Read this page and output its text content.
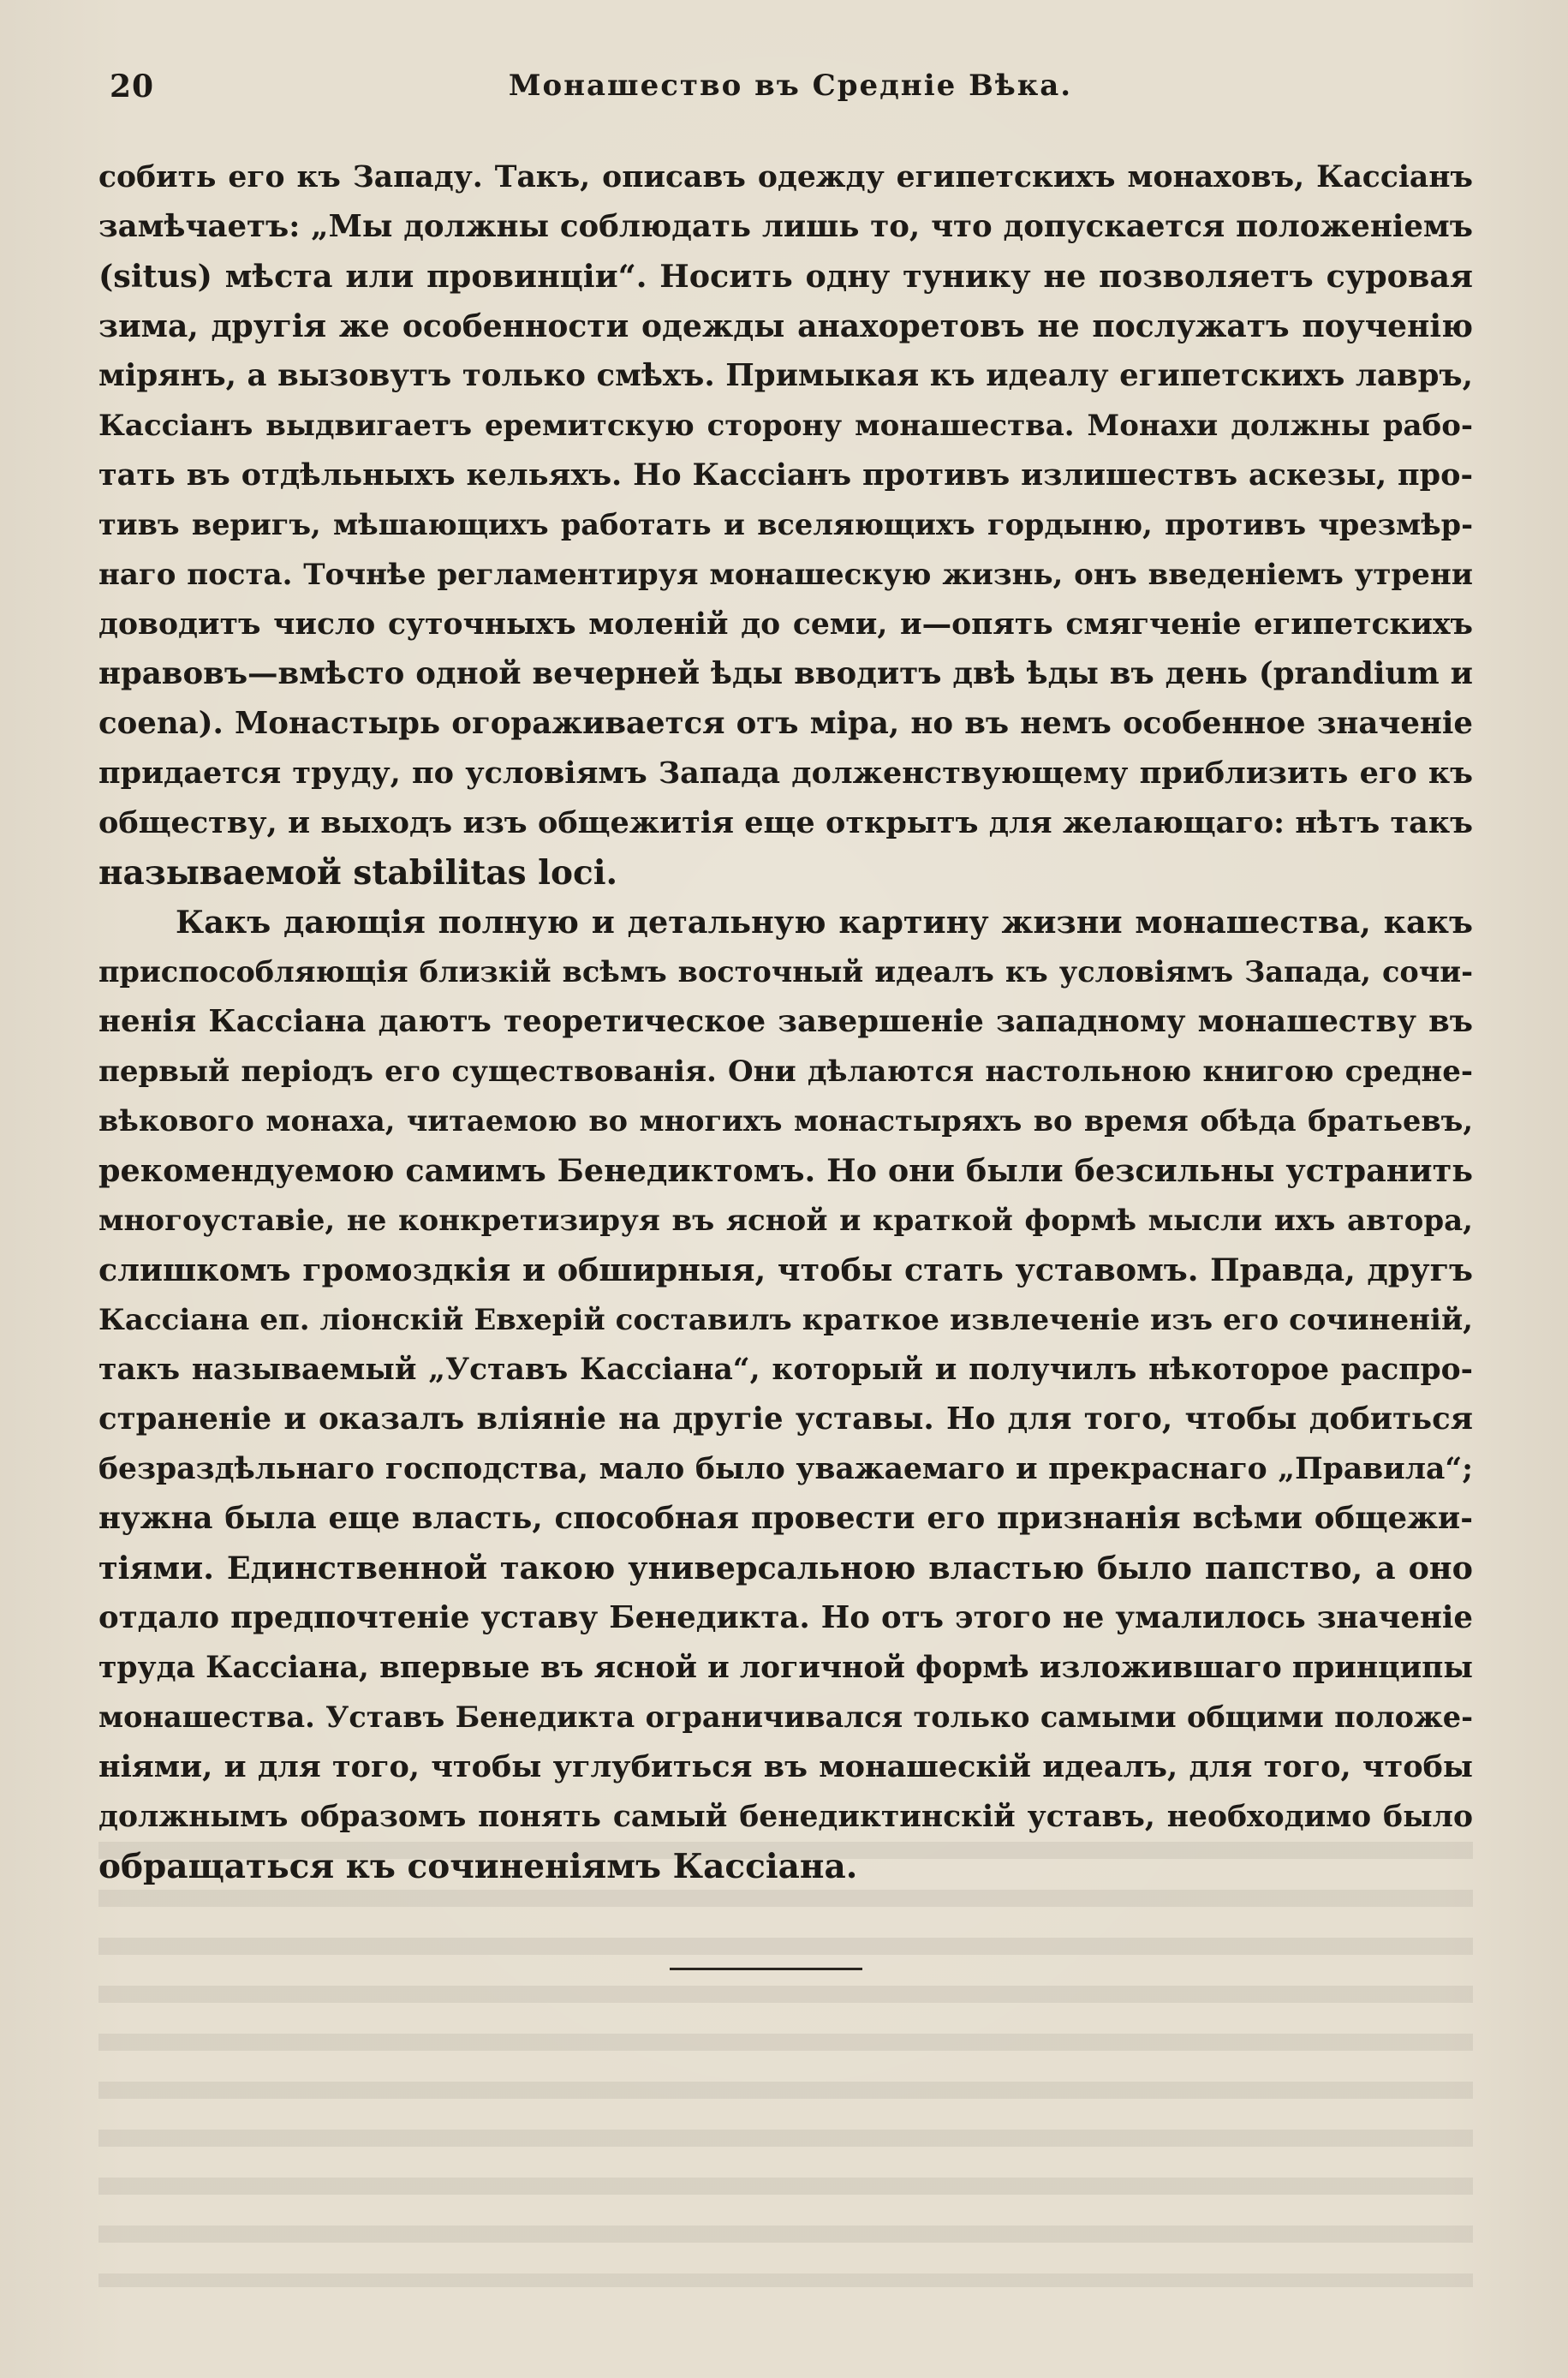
20	Монашество въ Средніе Вѣка.
собить его къ Западу. Такъ, описавъ одежду египетскихъ монаховъ, Кассіанъ
замѣчаетъ: „Мы должны соблюдать лишь то, что допускается положеніемъ
(situs) мѣста или провинціи“. Носить одну тунику не позволяетъ суровая
зима, другія же особенности одежды анахоретовъ не послужатъ поученію
мірянъ, а вызовутъ только смѣхъ. Примыкая къ идеалу египетскихъ лавръ,
Кассіанъ выдвигаетъ еремитскую сторону монашества. Монахи должны рабо-
тать въ отдѣльныхъ кельяхъ. Но Кассіанъ противъ излишествъ аскезы, про-
тивъ веригъ, мѣшающихъ работать и вселяющихъ гордыню, противъ чрезмѣр-
наго поста. Точнѣе регламентируя монашескую жизнь, онъ введеніемъ утрени
доводитъ число суточныхъ моленій до семи, и—опять смягченіе египетскихъ
нравовъ—вмѣсто одной вечерней ѣды вводитъ двѣ ѣды въ день (prandium и
coena). Монастырь огораживается отъ міра, но въ немъ особенное значеніе
придается труду, по условіямъ Запада долженствующему приблизить его къ
обществу, и выходъ изъ общежитія еще открытъ для желающаго: нѣтъ такъ
называемой stabilitas loci.
Какъ дающія полную и детальную картину жизни монашества, какъ
приспособляющія близкій всѣмъ восточный идеалъ къ условіямъ Запада, сочи-
ненія Кассіана даютъ теоретическое завершеніе западному монашеству въ
первый періодъ его существованія. Они дѣлаются настольною книгою средне-
вѣкового монаха, читаемою во многихъ монастыряхъ во время обѣда братьевъ,
рекомендуемою самимъ Бенедиктомъ. Но они были безсильны устранить
многоуставіе, не конкретизируя въ ясной и краткой формѣ мысли ихъ автора,
слишкомъ громоздкія и обширныя, чтобы стать уставомъ. Правда, другъ
Кассіана еп. ліонскій Евхерій составилъ краткое извлеченіе изъ его сочиненій,
такъ называемый „Уставъ Кассіана“, который и получилъ нѣкоторое распро-
страненіе и оказалъ вліяніе на другіе уставы. Но для того, чтобы добиться
безраздѣльнаго господства, мало было уважаемаго и прекраснаго „Правила“;
нужна была еще власть, способная провести его признанія всѣми общежи-
тіями. Единственной такою универсальною властью было папство, а оно
отдало предпочтеніе уставу Бенедикта. Но отъ этого не умалилось значеніе
труда Кассіана, впервые въ ясной и логичной формѣ изложившаго принципы
монашества. Уставъ Бенедикта ограничивался только самыми общими положе-
ніями, и для того, чтобы углубиться въ монашескій идеалъ, для того, чтобы
должнымъ образомъ понять самый бенедиктинскій уставъ, необходимо было
обращаться къ сочиненіямъ Кассіана.
